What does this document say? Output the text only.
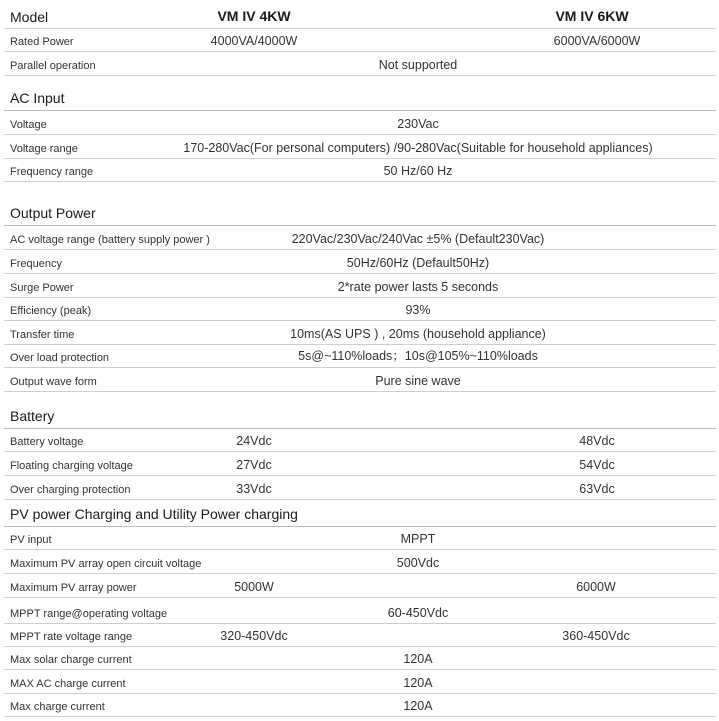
Model	VM IV 4KW	VM IV 6KW
Rated Power	4000VA/4000W	6000VA/6000W
Parallel operation	Not supported
AC Input
Voltage	230Vac
Voltage range	170-280Vac(For personal computers) /90-280Vac(Suitable for household appliances)
Frequency range	50 Hz/60 Hz
Output Power
AC voltage range (battery supply power )	220Vac/230Vac/240Vac ±5% (Default230Vac)
Frequency	50Hz/60Hz (Default50Hz)
Surge Power	2*rate power lasts 5 seconds
Efficiency (peak)	93%
Transfer time	10ms(AS UPS ) , 20ms (household appliance)
Over load protection	5s@~110%loads；10s@105%~110%loads
Output wave form	Pure sine wave
Battery
Battery voltage	24Vdc	48Vdc
Floating charging voltage	27Vdc	54Vdc
Over charging protection	33Vdc	63Vdc
PV power Charging and Utility Power charging
PV input	MPPT
Maximum PV array open circuit voltage	500Vdc
Maximum PV array power	5000W	6000W
MPPT range@operating voltage	60-450Vdc
MPPT rate voltage range	320-450Vdc	360-450Vdc
Max solar charge current	120A
MAX AC charge current	120A
Max charge current	120A
